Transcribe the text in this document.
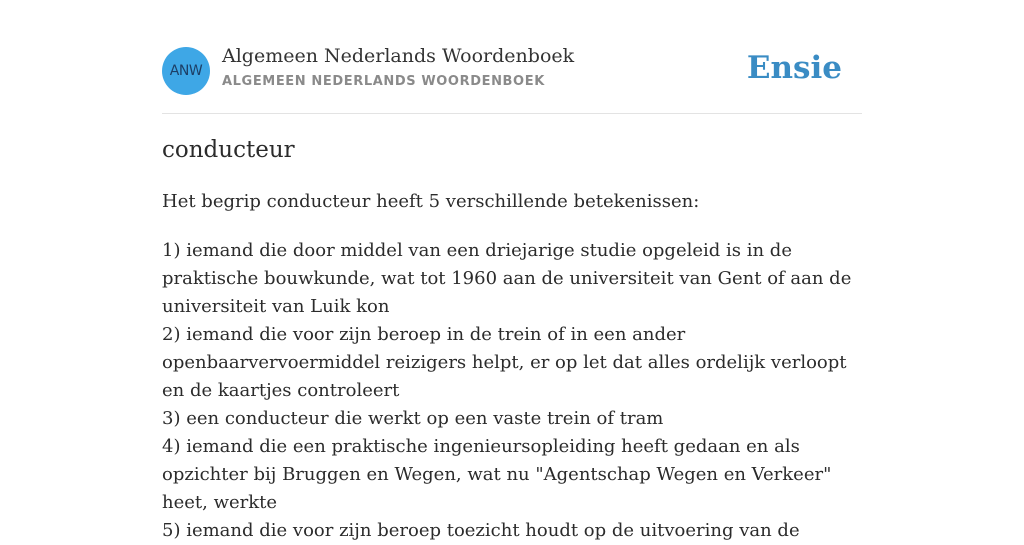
ANW
Algemeen Nederlands Woordenboek
ALGEMEEN NEDERLANDS WOORDENBOEK	Ensie
conducteur

Het begrip conducteur heeft 5 verschillende betekenissen:

1) iemand die door middel van een driejarige studie opgeleid is in de praktische bouwkunde, wat tot 1960 aan de universiteit van Gent of aan de universiteit van Luik kon
2) iemand die voor zijn beroep in de trein of in een ander openbaarvervoermiddel reizigers helpt, er op let dat alles ordelijk verloopt en de kaartjes controleert
3) een conducteur die werkt op een vaste trein of tram
4) iemand die een praktische ingenieursopleiding heeft gedaan en als opzichter bij Bruggen en Wegen, wat nu "Agentschap Wegen en Verkeer" heet, werkte
5) iemand die voor zijn beroep toezicht houdt op de uitvoering van de
